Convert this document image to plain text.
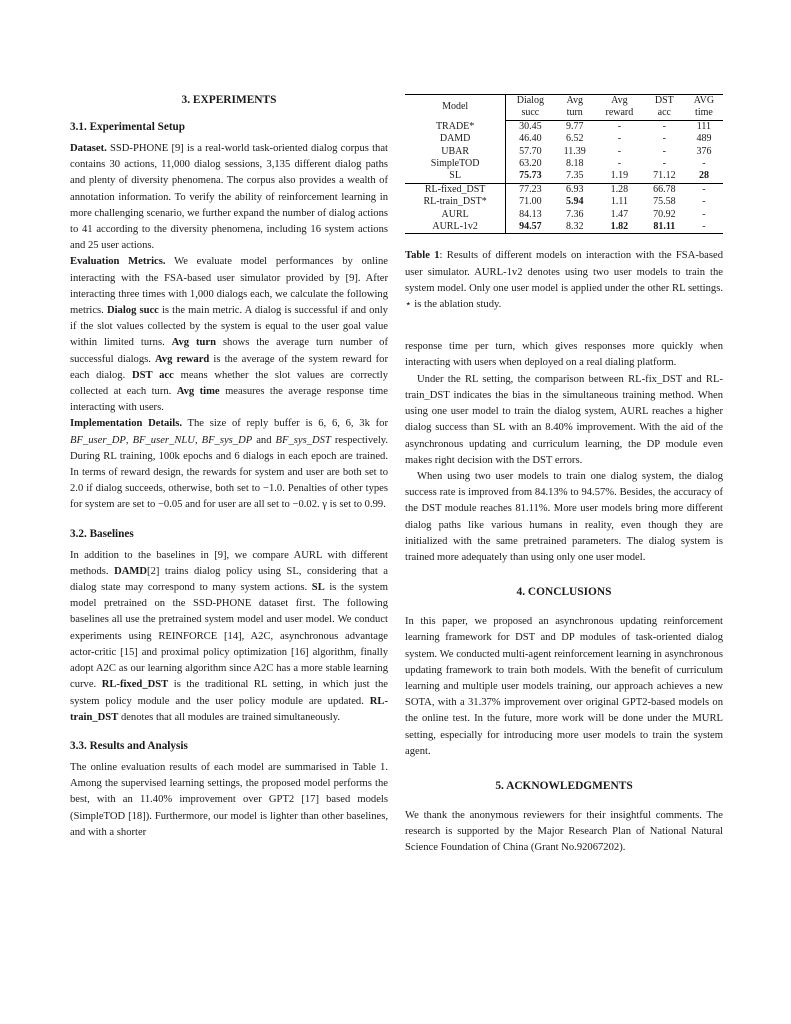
3. EXPERIMENTS
3.1. Experimental Setup

Dataset. SSD-PHONE [9] is a real-world task-oriented dialog corpus that contains 30 actions, 11,000 dialog sessions, 3,135 different dialog paths and plenty of diversity phenomena. The corpus also provides a wealth of annotation information. To verify the ability of reinforcement learning in more challenging scenario, we further expand the number of dialog actions to 41 according to the diversity phenomena, including 16 system actions and 25 user actions.

Evaluation Metrics. We evaluate model performances by online interacting with the FSA-based user simulator provided by [9]. After interacting three times with 1,000 dialogs each, we calculate the following metrics. Dialog succ is the main metric. A dialog is successful if and only if the slot values collected by the system is equal to the user goal value within limited turns. Avg turn shows the average turn number of successful dialogs. Avg reward is the average of the system reward for each dialog. DST acc means whether the slot values are correctly collected at each turn. Avg time measures the average response time interacting with users.

Implementation Details. The size of reply buffer is 6, 6, 6, 3k for BF_user_DP, BF_user_NLU, BF_sys_DP and BF_sys_DST respectively. During RL training, 100k epochs and 6 dialogs in each epoch are trained. In terms of reward design, the rewards for system and user are both set to 2.0 if dialog succeeds, otherwise, both set to −1.0. Penalties of other types for system are set to −0.05 and for user are all set to −0.02. γ is set to 0.99.

3.2. Baselines

In addition to the baselines in [9], we compare AURL with different methods. DAMD[2] trains dialog policy using SL, considering that a dialog state may correspond to many system actions. SL is the system model pretrained on the SSD-PHONE dataset first. The following baselines all use the pretrained system model and user model. We conduct experiments using REINFORCE [14], A2C, asynchronous advantage actor-critic [15] and proximal policy optimization [16] algorithm, finally adopt A2C as our learning algorithm since A2C has a more stable learning curve. RL-fixed_DST is the traditional RL setting, in which just the system policy module and the user policy module are updated. RL-train_DST denotes that all modules are trained simultaneously.

3.3. Results and Analysis

The online evaluation results of each model are summarised in Table 1. Among the supervised learning settings, the proposed model performs the best, with an 11.40% improvement over GPT2 [17] based models (SimpleTOD [18]). Furthermore, our model is lighter than other baselines, and with a shorter

Model	Dialog	Avg	Avg	DST	AVG
	succ	turn	reward	acc	time
TRADE*	30.45	9.77	-	-	111
DAMD	46.40	6.52	-	-	489
UBAR	57.70	11.39	-	-	376
SimpleTOD	63.20	8.18	-	-	-
SL	75.73	7.35	1.19	71.12	28
RL-fixed_DST	77.23	6.93	1.28	66.78	-
RL-train_DST*	71.00	5.94	1.11	75.58	-
AURL	84.13	7.36	1.47	70.92	-
AURL-1v2	94.57	8.32	1.82	81.11	-

Table 1: Results of different models on interaction with the FSA-based user simulator. AURL-1v2 denotes using two user models to train the system model. Only one user model is applied under the other RL settings. ⋆ is the ablation study.

response time per turn, which gives responses more quickly when interacting with users when deployed on a real dialing platform.

Under the RL setting, the comparison between RL-fix_DST and RL-train_DST indicates the bias in the simultaneous training method. When using one user model to train the dialog system, AURL reaches a higher dialog success than SL with an 8.40% improvement. With the aid of the asynchronous updating and curriculum learning, the DP module even makes right decision with the DST errors.

When using two user models to train one dialog system, the dialog success rate is improved from 84.13% to 94.57%. Besides, the accuracy of the DST module reaches 81.11%. More user models bring more different dialog paths like various humans in reality, even though they are initialized with the same pretrained parameters. The dialog system is trained more adequately than using only one user model.

4. CONCLUSIONS

In this paper, we proposed an asynchronous updating reinforcement learning framework for DST and DP modules of task-oriented dialog system. We conducted multi-agent reinforcement learning in asynchronous updating framework to train both models. With the benefit of curriculum learning and multiple user models training, our approach achieves a new SOTA, with a 31.37% improvement over original GPT2-based models on the online test. In the future, more work will be done under the MURL setting, especially for introducing more user models to train the system agent.

5. ACKNOWLEDGMENTS

We thank the anonymous reviewers for their insightful comments. The research is supported by the Major Research Plan of National Natural Science Foundation of China (Grant No.92067202).
